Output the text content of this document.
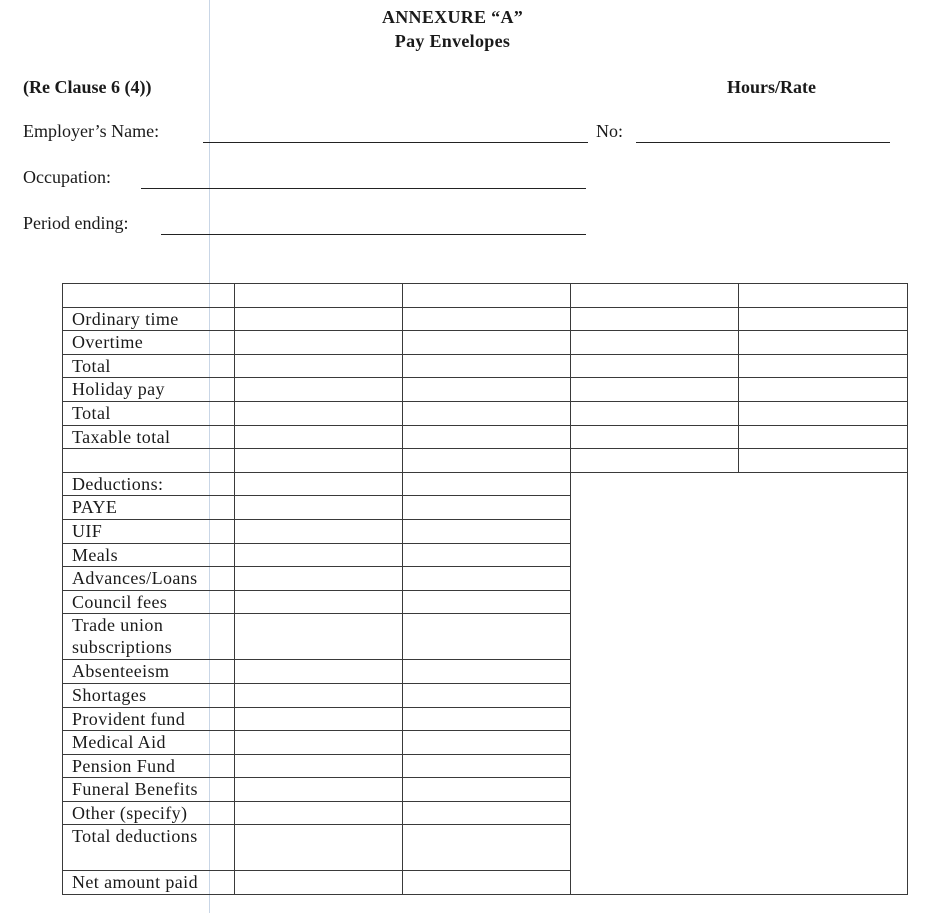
ANNEXURE “A”
Pay Envelopes
(Re Clause 6 (4))	Hours/Rate
Employer’s Name:	No:
Occupation:
Period ending:

Ordinary time					
Overtime					
Total					
Holiday pay					
Total					
Taxable total					

Deductions:					
PAYE					
UIF					
Meals					
Advances/Loans					
Council fees					
Trade union subscriptions					
Absenteeism					
Shortages					
Provident fund					
Medical Aid					
Pension Fund					
Funeral Benefits					
Other (specify)					
Total deductions					
Net amount paid					
